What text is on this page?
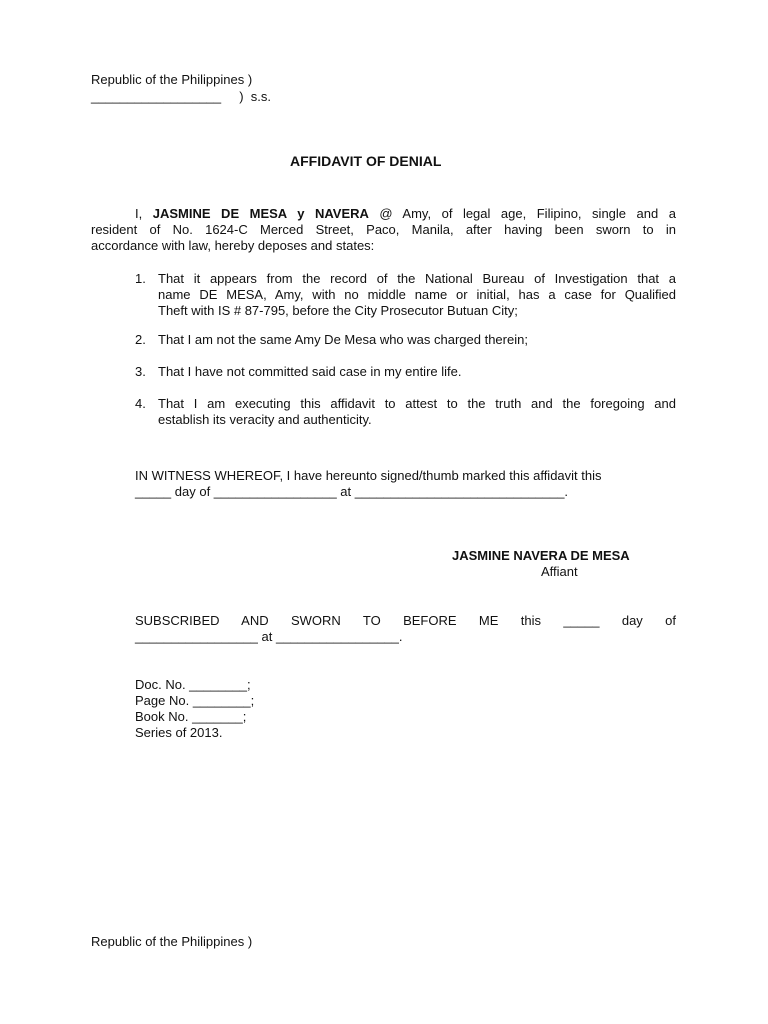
Republic of the Philippines )
__________________     )  s.s.
AFFIDAVIT OF DENIAL
I, JASMINE DE MESA y NAVERA @ Amy, of legal age, Filipino, single and a
resident of No. 1624-C Merced Street, Paco, Manila, after having been sworn to in
accordance with law, hereby deposes and states:
1. That it appears from the record of the National Bureau of Investigation that a
name DE MESA, Amy, with no middle name or initial, has a case for Qualified
Theft with IS # 87-795, before the City Prosecutor Butuan City;
2. That I am not the same Amy De Mesa who was charged therein;
3. That I have not committed said case in my entire life.
4. That I am executing this affidavit to attest to the truth and the foregoing and
establish its veracity and authenticity.
IN WITNESS WHEREOF, I have hereunto signed/thumb marked this affidavit this
_____ day of _________________ at _____________________________.
JASMINE NAVERA DE MESA
Affiant
SUBSCRIBED AND SWORN TO BEFORE ME this _____ day of
_________________ at _________________.
Doc. No. ________;
Page No. ________;
Book No. _______;
Series of 2013.
Republic of the Philippines )
